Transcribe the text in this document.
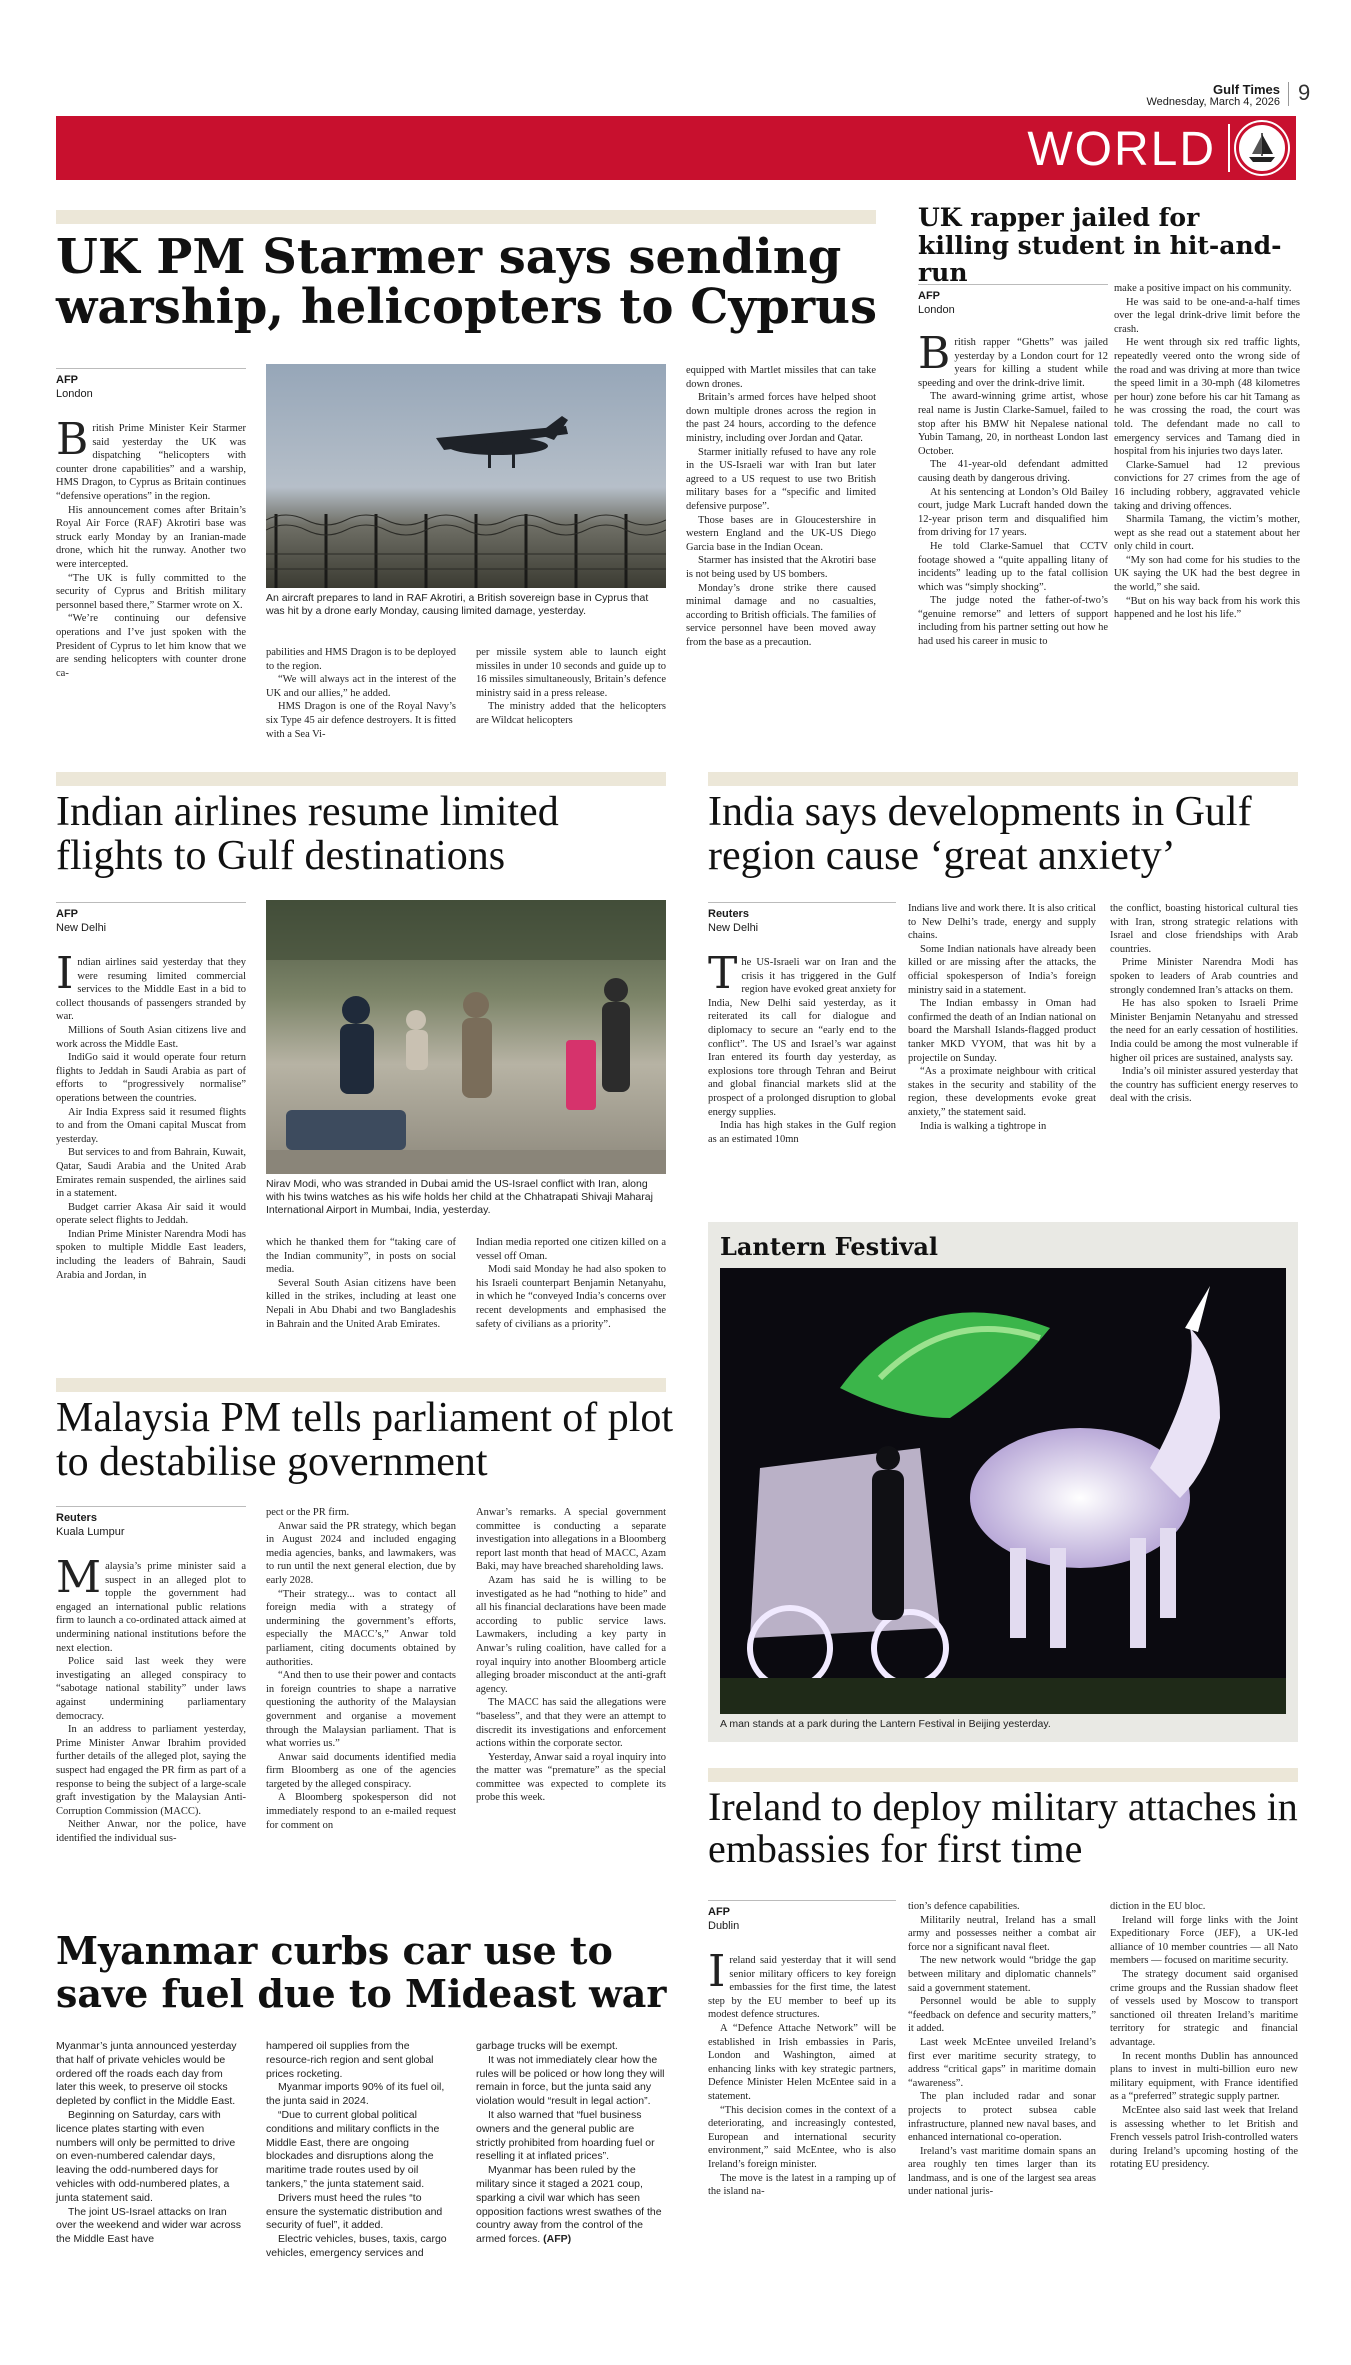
Gulf Times
Wednesday, March 4, 2026 9
WORLD
UK PM Starmer says sending warship, helicopters to Cyprus
AFP
London

British Prime Minister Keir Starmer said yesterday the UK was dispatching “helicopters with counter drone capabilities” and a warship, HMS Dragon, to Cyprus as Britain continues “defensive operations” in the region.

His announcement comes after Britain’s Royal Air Force (RAF) Akrotiri base was struck early Monday by an Iranian-made drone, which hit the runway. Another two were intercepted.

“The UK is fully committed to the security of Cyprus and British military personnel based there,” Starmer wrote on X.

“We’re continuing our defensive operations and I’ve just spoken with the President of Cyprus to let him know that we are sending helicopters with counter drone ca-

An aircraft prepares to land in RAF Akrotiri, a British sovereign base in Cyprus that was hit by a drone early Monday, causing limited damage, yesterday.

pabilities and HMS Dragon is to be deployed to the region.

“We will always act in the interest of the UK and our allies,” he added.

HMS Dragon is one of the Royal Navy’s six Type 45 air defence destroyers. It is fitted with a Sea Vi-

per missile system able to launch eight missiles in under 10 seconds and guide up to 16 missiles simultaneously, Britain’s defence ministry said in a press release.

The ministry added that the helicopters are Wildcat helicopters

equipped with Martlet missiles that can take down drones.

Britain’s armed forces have helped shoot down multiple drones across the region in the past 24 hours, according to the defence ministry, including over Jordan and Qatar.

Starmer initially refused to have any role in the US-Israeli war with Iran but later agreed to a US request to use two British military bases for a “specific and limited defensive purpose”.

Those bases are in Gloucestershire in western England and the UK-US Diego Garcia base in the Indian Ocean.

Starmer has insisted that the Akrotiri base is not being used by US bombers.

Monday’s drone strike there caused minimal damage and no casualties, according to British officials. The families of service personnel have been moved away from the base as a precaution.

UK rapper jailed for killing student in hit-and-run
AFP
London

British rapper “Ghetts” was jailed yesterday by a London court for 12 years for killing a student while speeding and over the drink-drive limit.

The award-winning grime artist, whose real name is Justin Clarke-Samuel, failed to stop after his BMW hit Nepalese national Yubin Tamang, 20, in northeast London last October.

The 41-year-old defendant admitted causing death by dangerous driving.

At his sentencing at London’s Old Bailey court, judge Mark Lucraft handed down the 12-year prison term and disqualified him from driving for 17 years.

He told Clarke-Samuel that CCTV footage showed a “quite appalling litany of incidents” leading up to the fatal collision which was “simply shocking”.

The judge noted the father-of-two’s “genuine remorse” and letters of support including from his partner setting out how he had used his career in music to

make a positive impact on his community.

He was said to be one-and-a-half times over the legal drink-drive limit before the crash.

He went through six red traffic lights, repeatedly veered onto the wrong side of the road and was driving at more than twice the speed limit in a 30-mph (48 kilometres per hour) zone before his car hit Tamang as he was crossing the road, the court was told. The defendant made no call to emergency services and Tamang died in hospital from his injuries two days later.

Clarke-Samuel had 12 previous convictions for 27 crimes from the age of 16 including robbery, aggravated vehicle taking and driving offences.

Sharmila Tamang, the victim’s mother, wept as she read out a statement about her only child in court.

“My son had come for his studies to the UK saying the UK had the best degree in the world,” she said.

“But on his way back from his work this happened and he lost his life.”

Indian airlines resume limited flights to Gulf destinations
AFP
New Delhi

Indian airlines said yesterday that they were resuming limited commercial services to the Middle East in a bid to collect thousands of passengers stranded by war.

Millions of South Asian citizens live and work across the Middle East.

IndiGo said it would operate four return flights to Jeddah in Saudi Arabia as part of efforts to “progressively normalise” operations between the countries.

Air India Express said it resumed flights to and from the Omani capital Muscat from yesterday.

But services to and from Bahrain, Kuwait, Qatar, Saudi Arabia and the United Arab Emirates remain suspended, the airlines said in a statement.

Budget carrier Akasa Air said it would operate select flights to Jeddah.

Indian Prime Minister Narendra Modi has spoken to multiple Middle East leaders, including the leaders of Bahrain, Saudi Arabia and Jordan, in

Nirav Modi, who was stranded in Dubai amid the US-Israel conflict with Iran, along with his twins watches as his wife holds her child at the Chhatrapati Shivaji Maharaj International Airport in Mumbai, India, yesterday.

which he thanked them for “taking care of the Indian community”, in posts on social media.

Several South Asian citizens have been killed in the strikes, including at least one Nepali in Abu Dhabi and two Bangladeshis in Bahrain and the United Arab Emirates.

Indian media reported one citizen killed on a vessel off Oman.

Modi said Monday he had also spoken to his Israeli counterpart Benjamin Netanyahu, in which he “conveyed India’s concerns over recent developments and emphasised the safety of civilians as a priority”.

India says developments in Gulf region cause ‘great anxiety’
Reuters
New Delhi

The US-Israeli war on Iran and the crisis it has triggered in the Gulf region have evoked great anxiety for India, New Delhi said yesterday, as it reiterated its call for dialogue and diplomacy to secure an “early end to the conflict”. The US and Israel’s war against Iran entered its fourth day yesterday, as explosions tore through Tehran and Beirut and global financial markets slid at the prospect of a prolonged disruption to global energy supplies.

India has high stakes in the Gulf region as an estimated 10mn

Indians live and work there. It is also critical to New Delhi’s trade, energy and supply chains.

Some Indian nationals have already been killed or are missing after the attacks, the official spokesperson of India’s foreign ministry said in a statement.

The Indian embassy in Oman had confirmed the death of an Indian national on board the Marshall Islands-flagged product tanker MKD VYOM, that was hit by a projectile on Sunday.

“As a proximate neighbour with critical stakes in the security and stability of the region, these developments evoke great anxiety,” the statement said.

India is walking a tightrope in

the conflict, boasting historical cultural ties with Iran, strong strategic relations with Israel and close friendships with Arab countries.

Prime Minister Narendra Modi has spoken to leaders of Arab countries and strongly condemned Iran’s attacks on them.

He has also spoken to Israeli Prime Minister Benjamin Netanyahu and stressed the need for an early cessation of hostilities. India could be among the most vulnerable if higher oil prices are sustained, analysts say.

India’s oil minister assured yesterday that the country has sufficient energy reserves to deal with the crisis.

Lantern Festival
A man stands at a park during the Lantern Festival in Beijing yesterday.
Malaysia PM tells parliament of plot to destabilise government
Reuters
Kuala Lumpur

Malaysia’s prime minister said a suspect in an alleged plot to topple the government had engaged an international public relations firm to launch a co-ordinated attack aimed at undermining national institutions before the next election.

Police said last week they were investigating an alleged conspiracy to “sabotage national stability” under laws against undermining parliamentary democracy.

In an address to parliament yesterday, Prime Minister Anwar Ibrahim provided further details of the alleged plot, saying the suspect had engaged the PR firm as part of a response to being the subject of a large-scale graft investigation by the Malaysian Anti-Corruption Commission (MACC).

Neither Anwar, nor the police, have identified the individual sus-

pect or the PR firm.

Anwar said the PR strategy, which began in August 2024 and included engaging media agencies, banks, and lawmakers, was to run until the next general election, due by early 2028.

“Their strategy... was to contact all foreign media with a strategy of undermining the government’s efforts, especially the MACC’s,” Anwar told parliament, citing documents obtained by authorities.

“And then to use their power and contacts in foreign countries to shape a narrative questioning the authority of the Malaysian government and organise a movement through the Malaysian parliament. That is what worries us.”

Anwar said documents identified media firm Bloomberg as one of the agencies targeted by the alleged conspiracy.

A Bloomberg spokesperson did not immediately respond to an e-mailed request for comment on

Anwar’s remarks. A special government committee is conducting a separate investigation into allegations in a Bloomberg report last month that head of MACC, Azam Baki, may have breached shareholding laws.

Azam has said he is willing to be investigated as he had “nothing to hide” and all his financial declarations have been made according to public service laws. Lawmakers, including a key party in Anwar’s ruling coalition, have called for a royal inquiry into another Bloomberg article alleging broader misconduct at the anti-graft agency.

The MACC has said the allegations were “baseless”, and that they were an attempt to discredit its investigations and enforcement actions within the corporate sector.

Yesterday, Anwar said a royal inquiry into the matter was “premature” as the special committee was expected to complete its probe this week.

Myanmar curbs car use to save fuel due to Mideast war

Myanmar’s junta announced yesterday that half of private vehicles would be ordered off the roads each day from later this week, to preserve oil stocks depleted by conflict in the Middle East.

Beginning on Saturday, cars with licence plates starting with even numbers will only be permitted to drive on even-numbered calendar days, leaving the odd-numbered days for vehicles with odd-numbered plates, a junta statement said.

The joint US-Israel attacks on Iran over the weekend and wider war across the Middle East have

hampered oil supplies from the resource-rich region and sent global prices rocketing.

Myanmar imports 90% of its fuel oil, the junta said in 2024.

“Due to current global political conditions and military conflicts in the Middle East, there are ongoing blockades and disruptions along the maritime trade routes used by oil tankers,” the junta statement said.

Drivers must heed the rules “to ensure the systematic distribution and security of fuel”, it added.

Electric vehicles, buses, taxis, cargo vehicles, emergency services and

garbage trucks will be exempt.

It was not immediately clear how the rules will be policed or how long they will remain in force, but the junta said any violation would “result in legal action”.

It also warned that “fuel business owners and the general public are strictly prohibited from hoarding fuel or reselling it at inflated prices”.

Myanmar has been ruled by the military since it staged a 2021 coup, sparking a civil war which has seen opposition factions wrest swathes of the country away from the control of the armed forces. (AFP)

Ireland to deploy military attaches in embassies for first time
AFP
Dublin

Ireland said yesterday that it will send senior military officers to key foreign embassies for the first time, the latest step by the EU member to beef up its modest defence structures.

A “Defence Attache Network” will be established in Irish embassies in Paris, London and Washington, aimed at enhancing links with key strategic partners, Defence Minister Helen McEntee said in a statement.

“This decision comes in the context of a deteriorating, and increasingly contested, European and international security environment,” said McEntee, who is also Ireland’s foreign minister.

The move is the latest in a ramping up of the island na-

tion’s defence capabilities.

Militarily neutral, Ireland has a small army and possesses neither a combat air force nor a significant naval fleet.

The new network would “bridge the gap between military and diplomatic channels” said a government statement.

Personnel would be able to supply “feedback on defence and security matters,” it added.

Last week McEntee unveiled Ireland’s first ever maritime security strategy, to address “critical gaps” in maritime domain “awareness”.

The plan included radar and sonar projects to protect subsea cable infrastructure, planned new naval bases, and enhanced international co-operation.

Ireland’s vast maritime domain spans an area roughly ten times larger than its landmass, and is one of the largest sea areas under national juris-

diction in the EU bloc.

Ireland will forge links with the Joint Expeditionary Force (JEF), a UK-led alliance of 10 member countries — all Nato members — focused on maritime security.

The strategy document said organised crime groups and the Russian shadow fleet of vessels used by Moscow to transport sanctioned oil threaten Ireland’s maritime territory for strategic and financial advantage.

In recent months Dublin has announced plans to invest in multi-billion euro new military equipment, with France identified as a “preferred” strategic supply partner.

McEntee also said last week that Ireland is assessing whether to let British and French vessels patrol Irish-controlled waters during Ireland’s upcoming hosting of the rotating EU presidency.
